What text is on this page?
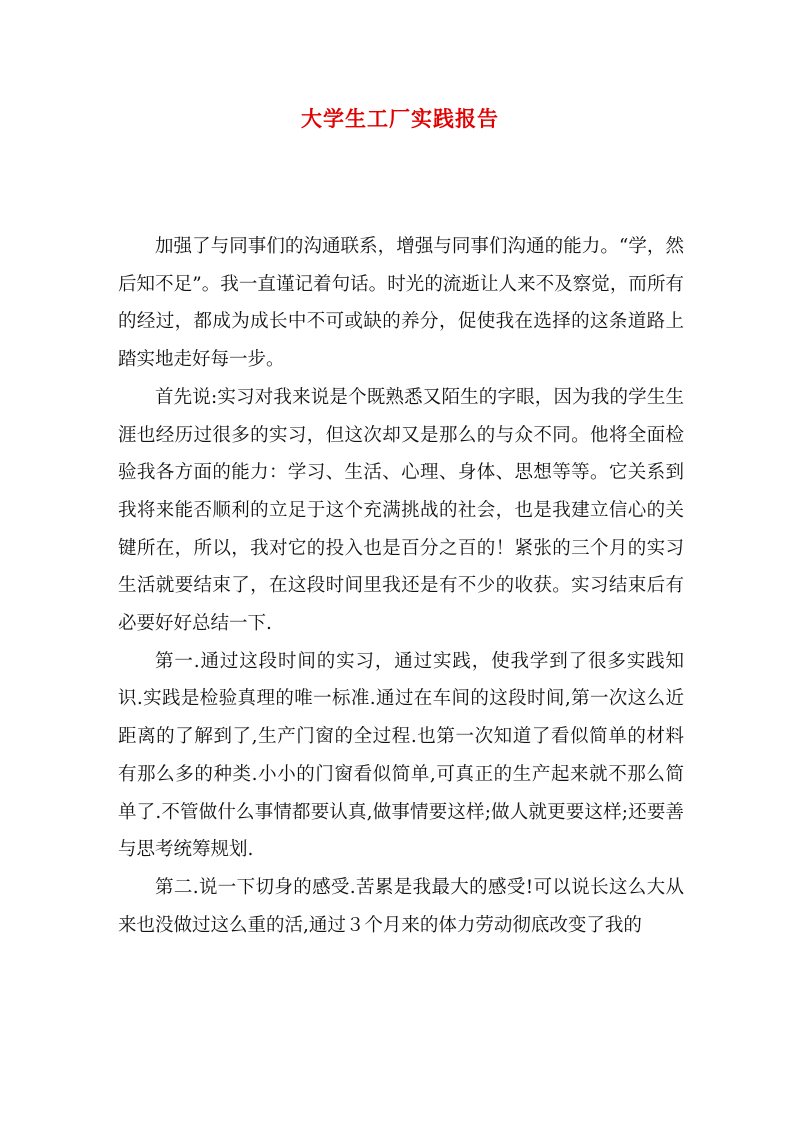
大学生工厂实践报告

加强了与同事们的沟通联系，增强与同事们沟通的能力。“学，然后知不足”。我一直谨记着句话。时光的流逝让人来不及察觉，而所有的经过，都成为成长中不可或缺的养分，促使我在选择的这条道路上踏实地走好每一步。

首先说:实习对我来说是个既熟悉又陌生的字眼，因为我的学生生涯也经历过很多的实习，但这次却又是那么的与众不同。他将全面检验我各方面的能力：学习、生活、心理、身体、思想等等。它关系到我将来能否顺利的立足于这个充满挑战的社会，也是我建立信心的关键所在，所以，我对它的投入也是百分之百的！紧张的三个月的实习生活就要结束了，在这段时间里我还是有不少的收获。实习结束后有必要好好总结一下.

第一.通过这段时间的实习，通过实践，使我学到了很多实践知识.实践是检验真理的唯一标准.通过在车间的这段时间,第一次这么近距离的了解到了,生产门窗的全过程.也第一次知道了看似简单的材料有那么多的种类.小小的门窗看似简单,可真正的生产起来就不那么简单了.不管做什么事情都要认真,做事情要这样;做人就更要这样;还要善与思考统筹规划.

第二.说一下切身的感受.苦累是我最大的感受!可以说长这么大从来也没做过这么重的活,通过３个月来的体力劳动彻底改变了我的
